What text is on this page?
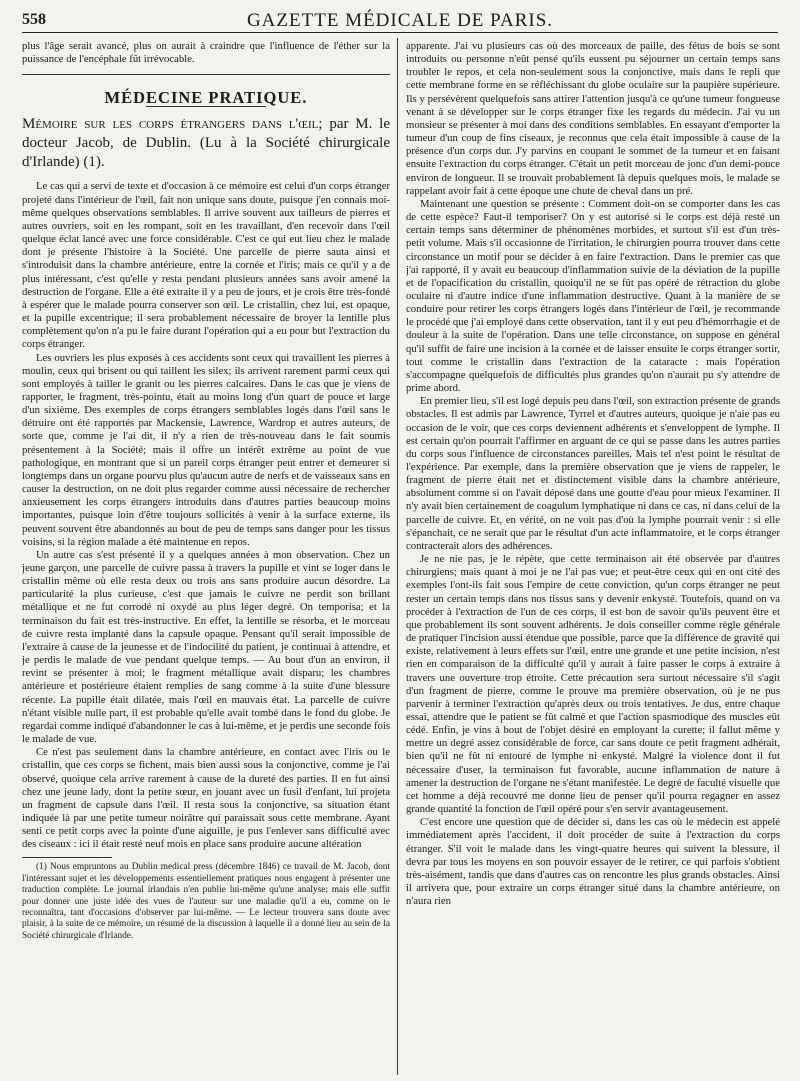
558	GAZETTE MÉDICALE DE PARIS.

plus l'âge serait avancé, plus on aurait à craindre que l'influence de l'éther sur la puissance de l'encéphale fût irrévocable.

MÉDECINE PRATIQUE.

Mémoire sur les corps étrangers dans l'œil; par M. le docteur Jacob, de Dublin. (Lu à la Société chirurgicale d'Irlande) (1).

Le cas qui a servi de texte et d'occasion à ce mémoire est celui d'un corps étranger projeté dans l'intérieur de l'œil, fait non unique sans doute, puisque j'en connais moi-même quelques observations semblables. Il arrive souvent aux tailleurs de pierres et autres ouvriers, soit en les rompant, soit en les travaillant, d'en recevoir dans l'œil quelque éclat lancé avec une force considérable. C'est ce qui eut lieu chez le malade dont je présente l'histoire à la Société. Une parcelle de pierre sauta ainsi et s'introduisit dans la chambre antérieure, entre la cornée et l'iris; mais ce qu'il y a de plus intéressant, c'est qu'elle y resta pendant plusieurs années sans avoir amené la destruction de l'organe. Elle a été extraite il y a peu de jours, et je crois être très-fondé à espérer que le malade pourra conserver son œil. Le cristallin, chez lui, est opaque, et la pupille excentrique; il sera probablement nécessaire de broyer la lentille plus complètement qu'on n'a pu le faire durant l'opération qui a eu pour but l'extraction du corps étranger.

Les ouvriers les plus exposés à ces accidents sont ceux qui travaillent les pierres à moulin, ceux qui brisent ou qui taillent les silex; ils arrivent rarement parmi ceux qui sont employés à tailler le granit ou les pierres calcaires. Dans le cas que je viens de rapporter, le fragment, très-pointu, était au moins long d'un quart de pouce et large d'un sixième. Des exemples de corps étrangers semblables logés dans l'œil sans le détruire ont été rapportés par Mackensie, Lawrence, Wardrop et autres auteurs, de sorte que, comme je l'ai dit, il n'y a rien de très-nouveau dans le fait soumis présentement à la Société; mais il offre un intérêt extrême au point de vue pathologique, en montrant que si un pareil corps étranger peut entrer et demeurer si longtemps dans un organe pourvu plus qu'aucun autre de nerfs et de vaisseaux sans en causer la destruction, on ne doit plus regarder comme aussi nécessaire de rechercher anxieusement les corps étrangers introduits dans d'autres parties beaucoup moins importantes, puisque loin d'être toujours sollicités à venir à la surface externe, ils peuvent souvent être abandonnés au bout de peu de temps sans danger pour les tissus voisins, si la région malade a été maintenue en repos.

Un autre cas s'est présenté il y a quelques années à mon observation. Chez un jeune garçon, une parcelle de cuivre passa à travers la pupille et vint se loger dans le cristallin même où elle resta deux ou trois ans sans produire aucun désordre. La particularité la plus curieuse, c'est que jamais le cuivre ne perdit son brillant métallique et ne fut corrodé ni oxydé au plus léger degré. On temporisa; et la terminaison du fait est très-instructive. En effet, la lentille se résorba, et le morceau de cuivre resta implanté dans la capsule opaque. Pensant qu'il serait impossible de l'extraire à cause de la jeunesse et de l'indocilité du patient, je continuai à attendre, et je perdis le malade de vue pendant quelque temps. — Au bout d'un an environ, il revint se présenter à moi; le fragment métallique avait disparu; les chambres antérieure et postérieure étaient remplies de sang comme à la suite d'une blessure récente. La pupille était dilatée, mais l'œil en mauvais état. La parcelle de cuivre n'étant visible nulle part, il est probable qu'elle avait tombé dans le fond du globe. Je regardai comme indiqué d'abandonner le cas à lui-même, et je perdis une seconde fois le malade de vue.

Ce n'est pas seulement dans la chambre antérieure, en contact avec l'iris ou le cristallin, que ces corps se fichent, mais bien aussi sous la conjonctive, comme je l'ai observé, quoique cela arrive rarement à cause de la dureté des parties. Il en fut ainsi chez une jeune lady, dont la petite sœur, en jouant avec un fusil d'enfant, lui projeta un fragment de capsule dans l'œil. Il resta sous la conjonctive, sa situation étant indiquée là par une petite tumeur noirâtre qui paraissait sous cette membrane. Ayant senti ce petit corps avec la pointe d'une aiguille, je pus l'enlever sans difficulté avec des ciseaux : ici il était resté neuf mois en place sans produire aucune altération

(1) Nous empruntons au Dublin medical press (décembre 1846) ce travail de M. Jacob, dont l'intéressant sujet et les développements essentiellement pratiques nous engagent à présenter une traduction complète. Le journal irlandais n'en publie lui-même qu'une analyse; mais elle suffit pour donner une juste idée des vues de l'auteur sur une maladie qu'il a eu, comme on le reconnaîtra, tant d'occasions d'observer par lui-même. — Le lecteur trouvera sans doute avec plaisir, à la suite de ce mémoire, un résumé de la discussion à laquelle il a donné lieu au sein de la Société chirurgicale d'Irlande.

apparente. J'ai vu plusieurs cas où des morceaux de paille, des fétus de bois se sont introduits ou personne n'eût pensé qu'ils eussent pu séjourner un certain temps sans troubler le repos, et cela non-seulement sous la conjonctive, mais dans le repli que cette membrane forme en se réfléchissant du globe oculaire sur la paupière supérieure. Ils y persévèrent quelquefois sans attirer l'attention jusqu'à ce qu'une tumeur fongueuse venant à se développer sur le corps étranger fixe les regards du médecin. J'ai vu un monsieur se présenter à moi dans des conditions semblables. En essayant d'emporter la tumeur d'un coup de fins ciseaux, je reconnus que cela était impossible à cause de la présence d'un corps dur. J'y parvins en coupant le sommet de la tumeur et en faisant ensuite l'extraction du corps étranger. C'était un petit morceau de jonc d'un demi-pouce environ de longueur. Il se trouvait probablement là depuis quelques mois, le malade se rappelant avoir fait à cette époque une chute de cheval dans un pré.

Maintenant une question se présente : Comment doit-on se comporter dans les cas de cette espèce? Faut-il temporiser? On y est autorisé si le corps est déjà resté un certain temps sans déterminer de phénomènes morbides, et surtout s'il est d'un très-petit volume. Mais s'il occasionne de l'irritation, le chirurgien pourra trouver dans cette circonstance un motif pour se décider à en faire l'extraction. Dans le premier cas que j'ai rapporté, il y avait eu beaucoup d'inflammation suivie de la déviation de la pupille et de l'opacification du cristallin, quoiqu'il ne se fût pas opéré de rétraction du globe oculaire ni d'autre indice d'une inflammation destructive. Quant à la manière de se conduire pour retirer les corps étrangers logés dans l'intérieur de l'œil, je recommande le procédé que j'ai employé dans cette observation, tant il y eut peu d'hémorrhagie et de douleur à la suite de l'opération. Dans une telle circonstance, on suppose en général qu'il suffit de faire une incision à la cornée et de laisser ensuite le corps étranger sortir, tout comme le cristallin dans l'extraction de la cataracte : mais l'opération s'accompagne quelquefois de difficultés plus grandes qu'on n'aurait pu s'y attendre de prime abord.

En premier lieu, s'il est logé depuis peu dans l'œil, son extraction présente de grands obstacles. Il est admis par Lawrence, Tyrrel et d'autres auteurs, quoique je n'aie pas eu occasion de le voir, que ces corps deviennent adhérents et s'enveloppent de lymphe. Il est certain qu'on pourrait l'affirmer en arguant de ce qui se passe dans les autres parties du corps sous l'influence de circonstances pareilles. Mais tel n'est point le résultat de l'expérience. Par exemple, dans la première observation que je viens de rappeler, le fragment de pierre était net et distinctement visible dans la chambre antérieure, absolument comme si on l'avait déposé dans une goutte d'eau pour mieux l'examiner. Il n'y avait bien certainement de coagulum lymphatique ni dans ce cas, ni dans celui de la parcelle de cuivre. Et, en vérité, on ne voit pas d'où la lymphe pourrait venir : si elle s'épanchait, ce ne serait que par le résultat d'un acte inflammatoire, et le corps étranger contracterait alors des adhérences.

Je ne nie pas, je le répète, que cette terminaison ait été observée par d'autres chirurgiens; mais quant à moi je ne l'ai pas vue; et peut-être ceux qui en ont cité des exemples l'ont-ils fait sous l'empire de cette conviction, qu'un corps étranger ne peut rester un certain temps dans nos tissus sans y devenir enkysté. Toutefois, quand on va procéder à l'extraction de l'un de ces corps, il est bon de savoir qu'ils peuvent être et que probablement ils sont souvent adhérents. Je dois conseiller comme règle générale de pratiquer l'incision aussi étendue que possible, parce que la différence de gravité qui existe, relativement à leurs effets sur l'œil, entre une grande et une petite incision, n'est rien en comparaison de la difficulté qu'il y aurait à faire passer le corps à extraire à travers une ouverture trop étroite. Cette précaution sera surtout nécessaire s'il s'agit d'un fragment de pierre, comme le prouve ma première observation, où je ne pus parvenir à terminer l'extraction qu'après deux ou trois tentatives. Je dus, entre chaque essai, attendre que le patient se fût calmé et que l'action spasmodique des muscles eût cédé. Enfin, je vins à bout de l'objet désiré en employant la curette; il fallut même y mettre un degré assez considérable de force, car sans doute ce petit fragment adhérait, bien qu'il ne fût ni entouré de lymphe ni enkysté. Malgré la violence dont il fut nécessaire d'user, la terminaison fut favorable, aucune inflammation de nature à amener la destruction de l'organe ne s'étant manifestée. Le degré de faculté visuelle que cet homme a déjà recouvré me donne lieu de penser qu'il pourra regagner en assez grande quantité la fonction de l'œil opéré pour s'en servir avantageusement.

C'est encore une question que de décider si, dans les cas où le médecin est appelé immédiatement après l'accident, il doit procéder de suite à l'extraction du corps étranger. S'il voit le malade dans les vingt-quatre heures qui suivent la blessure, il devra par tous les moyens en son pouvoir essayer de le retirer, ce qui parfois s'obtient très-aisément, tandis que dans d'autres cas on rencontre les plus grands obstacles. Ainsi il arrivera que, pour extraire un corps étranger situé dans la chambre antérieure, on n'aura rien
